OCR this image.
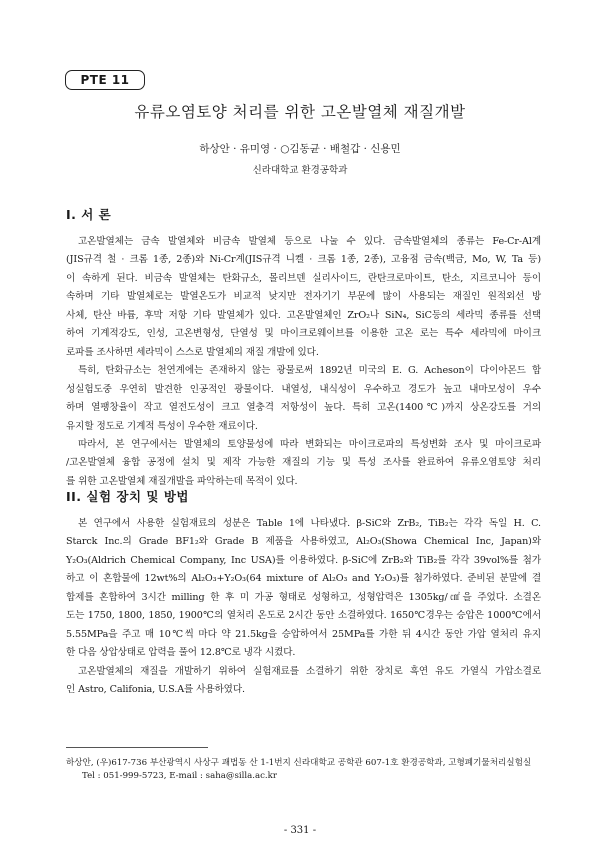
PTE 11
유류오염토양 처리를 위한 고온발열체 재질개발
하상안 · 유미영 · ○김동균 · 배철갑 · 신용민
신라대학교 환경공학과
I. 서 론
고온발열체는 금속 발열체와 비금속 발열체 등으로 나눌 수 있다. 금속발열체의 종류는 Fe-Cr-Al계
(JIS규격 철 · 크롬 1종, 2종)와 Ni-Cr계(JIS규격 니켈 · 크롬 1종, 2종), 고융점 금속(백금, Mo, W, Ta 등)
이 속하게 된다. 비금속 발열체는 탄화규소, 몰리브덴 실리사이드, 란탄크로마이트, 탄소, 지르코니아 등이
속하며 기타 발열체로는 발열온도가 비교적 낮지만 전자기기 부문에 많이 사용되는 재질인 원적외선 방
사체, 탄산 바륨, 후막 저항 기타 발열체가 있다. 고온발열체인 ZrO₂나 SiN₄, SiC등의 세라믹 종류를 선택
하여 기계적강도, 인성, 고온변형성, 단열성 및 마이크로웨이브를 이용한 고온 로는 특수 세라믹에 마이크
로파를 조사하면 세라믹이 스스로 발열체의 재질 개발에 있다.
특히, 탄화규소는 천연계에는 존재하지 않는 광물로써 1892년 미국의 E. G. Acheson이 다이아몬드 합
성실험도중 우연히 발견한 인공적인 광물이다. 내열성, 내식성이 우수하고 경도가 높고 내마모성이 우수
하며 열팽창율이 작고 열전도성이 크고 열충격 저항성이 높다. 특히 고온(1400℃)까지 상온강도를 거의
유지할 정도로 기계적 특성이 우수한 재료이다.
따라서, 본 연구에서는 발열체의 토양물성에 따라 변화되는 마이크로파의 특성변화 조사 및 마이크로파
/고온발열체 융합 공정에 설치 및 제작 가능한 재질의 기능 및 특성 조사를 완료하여 유류오염토양 처리
를 위한 고온발열체 재질개발을 파악하는데 목적이 있다.
II. 실험 장치 및 방법
본 연구에서 사용한 실험재료의 성분은 Table 1에 나타냈다. β-SiC와 ZrB₂, TiB₂는 각각 독일 H. C.
Starck Inc.의 Grade BF1₂와 Grade B 제품을 사용하였고, Al₂O₃(Showa Chemical Inc, Japan)와
Y₂O₃(Aldrich Chemical Company, Inc USA)를 이용하였다. β-SiC에 ZrB₂와 TiB₂를 각각 39vol%를 첨가
하고 이 혼합물에 12wt%의 Al₂O₃+Y₂O₃(64 mixture of Al₂O₃ and Y₂O₃)를 첨가하였다. 준비된 분말에 결
합제를 혼합하여 3시간 milling 한 후 미 가공 형태로 성형하고, 성형압력은 1305kg/㎠을 주었다. 소결온
도는 1750, 1800, 1850, 1900℃의 열처리 온도로 2시간 동안 소결하였다. 1650℃경우는 승압은 1000℃에서
5.55MPa을 주고 매 10℃씩 마다 약 21.5kg을 승압하여서 25MPa를 가한 뒤 4시간 동안 가압 열처리 유지
한 다음 상압상태로 압력을 풀어 12.8℃로 냉각 시켰다.
고온발열체의 재질을 개발하기 위하여 실험재료를 소결하기 위한 장치로 흑연 유도 가열식 가압소결로
인 Astro, Califonia, U.S.A를 사용하였다.
하상안, (우)617-736 부산광역시 사상구 괘법동 산 1-1번지 신라대학교 공학관 607-1호 환경공학과, 고형폐기물처리실험실
Tel : 051-999-5723, E-mail : saha@silla.ac.kr
- 331 -
